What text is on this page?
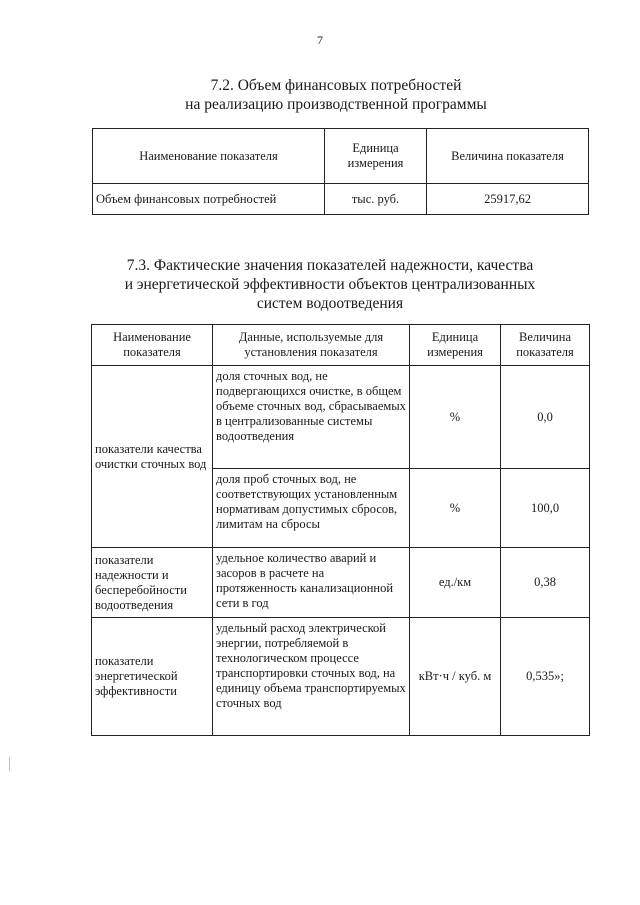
7
7.2. Объем финансовых потребностей
на реализацию производственной программы
Наименование показателя	Единица измерения	Величина показателя
Объем финансовых потребностей	тыс. руб.	25917,62
7.3. Фактические значения показателей надежности, качества
и энергетической эффективности объектов централизованных
систем водоотведения
Наименование показателя	Данные, используемые для установления показателя	Единица измерения	Величина показателя
показатели качества очистки сточных вод	доля сточных вод, не подвергающихся очистке, в общем объеме сточных вод, сбрасываемых в централизованные системы водоотведения	%	0,0
	доля проб сточных вод, не соответствующих установленным нормативам допустимых сбросов, лимитам на сбросы	%	100,0
показатели надежности и бесперебойности водоотведения	удельное количество аварий и засоров в расчете на протяженность канализационной сети в год	ед./км	0,38
показатели энергетической эффективности	удельный расход электрической энергии, потребляемой в технологическом процессе транспортировки сточных вод, на единицу объема транспортируемых сточных вод	кВт·ч / куб. м	0,535»;
